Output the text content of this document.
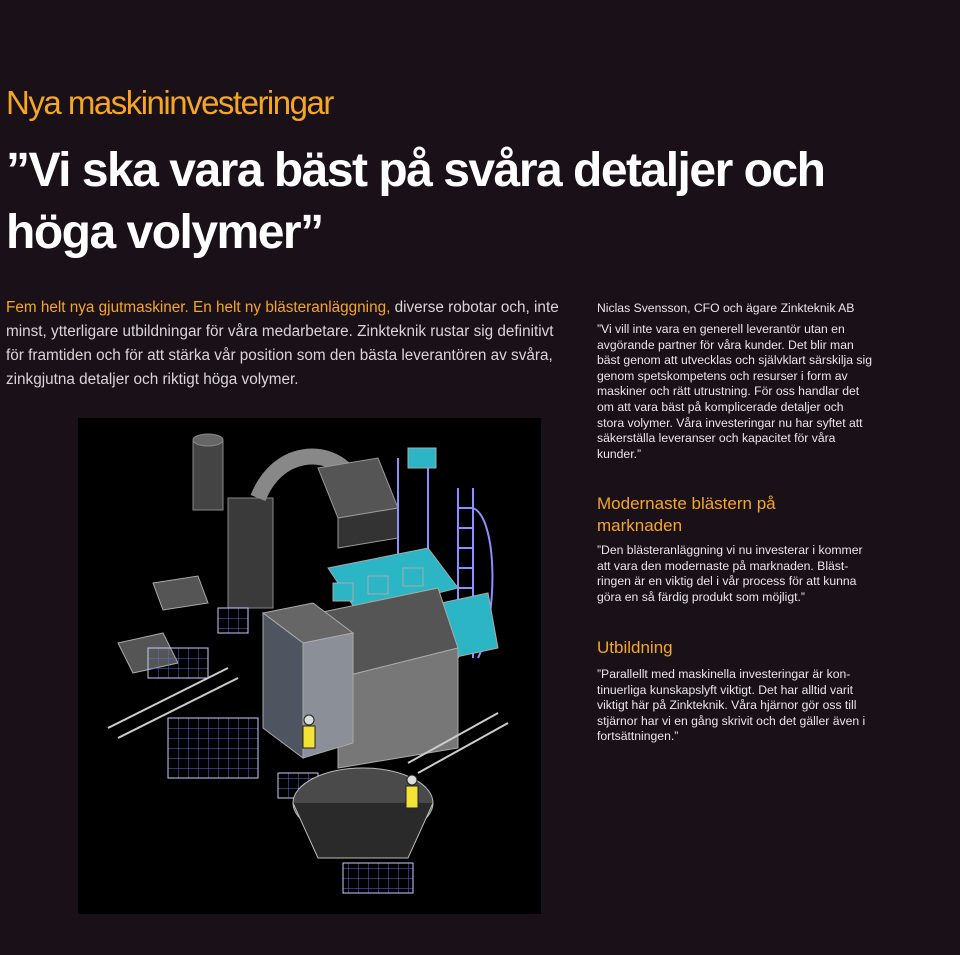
Nya maskininvesteringar
”Vi ska vara bäst på svåra detaljer och höga volymer”

Fem helt nya gjutmaskiner. En helt ny blästeranläggning, diverse robotar och, inte minst, ytterligare utbildningar för våra medarbetare. Zinkteknik rustar sig definitivt för framtiden och för att stärka vår position som den bästa leverantören av svåra, zinkgjutna detaljer och riktigt höga volymer.

Niclas Svensson, CFO och ägare Zinkteknik AB

”Vi vill inte vara en generell leverantör utan en avgörande partner för våra kunder. Det blir man bäst genom att utvecklas och självklart särskilja sig genom spetskompetens och resurser i form av maskiner och rätt utrustning. För oss handlar det om att vara bäst på komplicerade detaljer och stora volymer. Våra investeringar nu har syftet att säkerställa leveranser och kapacitet för våra kunder.”

Modernaste blästern på marknaden

”Den blästeranläggning vi nu investerar i kommer att vara den modernaste på marknaden. Bläst-ringen är en viktig del i vår process för att kunna göra en så färdig produkt som möjligt.”

Utbildning

”Parallellt med maskinella investeringar är kon-tinuerliga kunskapslyft viktigt. Det har alltid varit viktigt här på Zinkteknik. Våra hjärnor gör oss till stjärnor har vi en gång skrivit och det gäller även i fortsättningen.”
